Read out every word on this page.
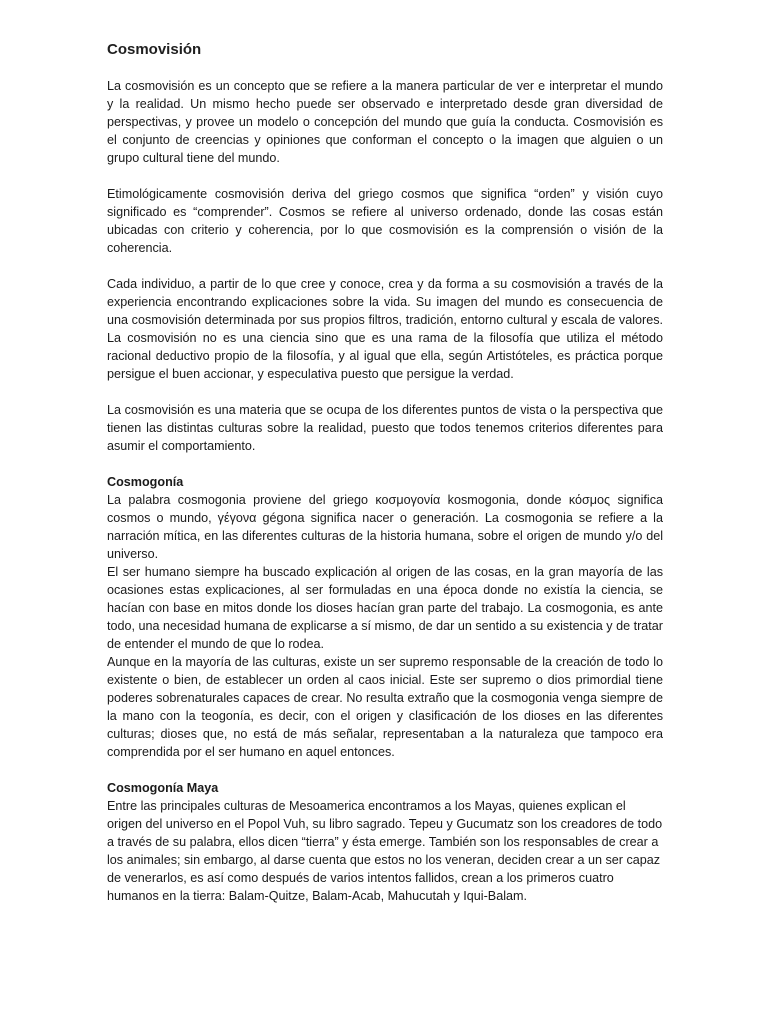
Cosmovisión

La cosmovisión es un concepto que se refiere a la manera particular de ver e interpretar el mundo y la realidad. Un mismo hecho puede ser observado e interpretado desde gran diversidad de perspectivas, y provee un modelo o concepción del mundo que guía la conducta. Cosmovisión es el conjunto de creencias y opiniones que conforman el concepto o la imagen que alguien o un grupo cultural tiene del mundo.

Etimológicamente cosmovisión deriva del griego cosmos que significa “orden” y visión cuyo significado es “comprender”. Cosmos se refiere al universo ordenado, donde las cosas están ubicadas con criterio y coherencia, por lo que cosmovisión es la comprensión o visión de la coherencia.

Cada individuo, a partir de lo que cree y conoce, crea y da forma a su cosmovisión a través de la experiencia encontrando explicaciones sobre la vida. Su imagen del mundo es consecuencia de una cosmovisión determinada por sus propios filtros, tradición, entorno cultural y escala de valores. La cosmovisión no es una ciencia sino que es una rama de la filosofía que utiliza el método racional deductivo propio de la filosofía, y al igual que ella, según Artistóteles, es práctica porque persigue el buen accionar, y especulativa puesto que persigue la verdad.

La cosmovisión es una materia que se ocupa de los diferentes puntos de vista o la perspectiva que tienen las distintas culturas sobre la realidad, puesto que todos tenemos criterios diferentes para asumir el comportamiento.

Cosmogonía

La palabra cosmogonia proviene del griego κοσμογονία kosmogonia, donde κόσμος significa cosmos o mundo, γέγονα gégona significa nacer o generación. La cosmogonia se refiere a la narración mítica, en las diferentes culturas de la historia humana, sobre el origen de mundo y/o del universo.

El ser humano siempre ha buscado explicación al origen de las cosas, en la gran mayoría de las ocasiones estas explicaciones, al ser formuladas en una época donde no existía la ciencia, se hacían con base en mitos donde los dioses hacían gran parte del trabajo. La cosmogonia, es ante todo, una necesidad humana de explicarse a sí mismo, de dar un sentido a su existencia y de tratar de entender el mundo de que lo rodea.

Aunque en la mayoría de las culturas, existe un ser supremo responsable de la creación de todo lo existente o bien, de establecer un orden al caos inicial. Este ser supremo o dios primordial tiene poderes sobrenaturales capaces de crear. No resulta extraño que la cosmogonia venga siempre de la mano con la teogonía, es decir, con el origen y clasificación de los dioses en las diferentes culturas; dioses que, no está de más señalar, representaban a la naturaleza que tampoco era comprendida por el ser humano en aquel entonces.

Cosmogonía Maya

Entre las principales culturas de Mesoamerica encontramos a los Mayas, quienes explican el origen del universo en el Popol Vuh, su libro sagrado. Tepeu y Gucumatz son los creadores de todo a través de su palabra, ellos dicen “tierra” y ésta emerge. También son los responsables de crear a los animales; sin embargo, al darse cuenta que estos no los veneran, deciden crear a un ser capaz de venerarlos, es así como después de varios intentos fallidos, crean a los primeros cuatro humanos en la tierra: Balam-Quitze, Balam-Acab, Mahucutah y Iqui-Balam.
